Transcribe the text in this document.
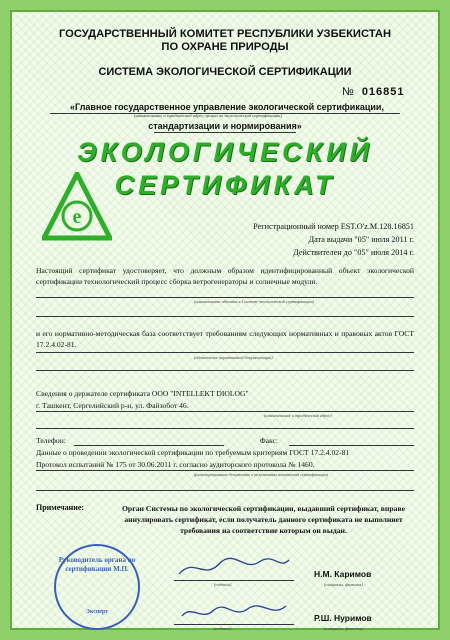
ГОСУДАРСТВЕННЫЙ КОМИТЕТ РЕСПУБЛИКИ УЗБЕКИСТАН
ПО ОХРАНЕ ПРИРОДЫ
СИСТЕМА ЭКОЛОГИЧЕСКОЙ СЕРТИФИКАЦИИ
№ 016851
«Главное государственное управление экологической сертификации,
(наименование и юридический адрес органа по экологической сертификации)
стандартизации и нормирования»
ЭКОЛОГИЧЕСКИЙ
СЕРТИФИКАТ
e	Регистрационный номер EST.O'z.M.128.16851
Дата выдачи "05" июля 2011 г.
Действителен до "05" июля 2014 г.
Настоящий сертификат удостоверяет, что должным образом идентифицированный объект экологической сертификации технологический процесс сборка ветрогенераторы и солнечные модули.
(наименование объекта в Системе экологической сертификации)
и его нормативно-методическая база соответствует требованиям следующих нормативных и правовых актов ГОСТ 17.2.4.02-81.
(обозначение нормативной документации)
Сведения о держателе сертификата ООО "INTELLEKT DIOLOG"
г. Ташкент, Сергелийский р-н, ул. Файзобот 46.
(наименование и юридический адрес)
Телефон:	Факс:
Данные о проведении экологической сертификации по требуемым критериям ГОСТ 17.2.4.02-81
Протокол испытаний № 175 от 30.06.2011 г. согласно аудиторского протокола № 1460.
(регистрационные документы и результаты испытаний сертификации)
Примечание:	Орган Системы по экологической сертификации, выдавший сертификат, вправе аннулировать сертификат, если получатель данного сертификата не выполняет требования на соответствие которым он выдан.
Руководитель органа по сертификации М.П.
Эксперт
(подпись)
Н.М. Каримов
(инициалы, фамилия)
(подпись)
Р.Ш. Нуримов
(инициалы, фамилия)
